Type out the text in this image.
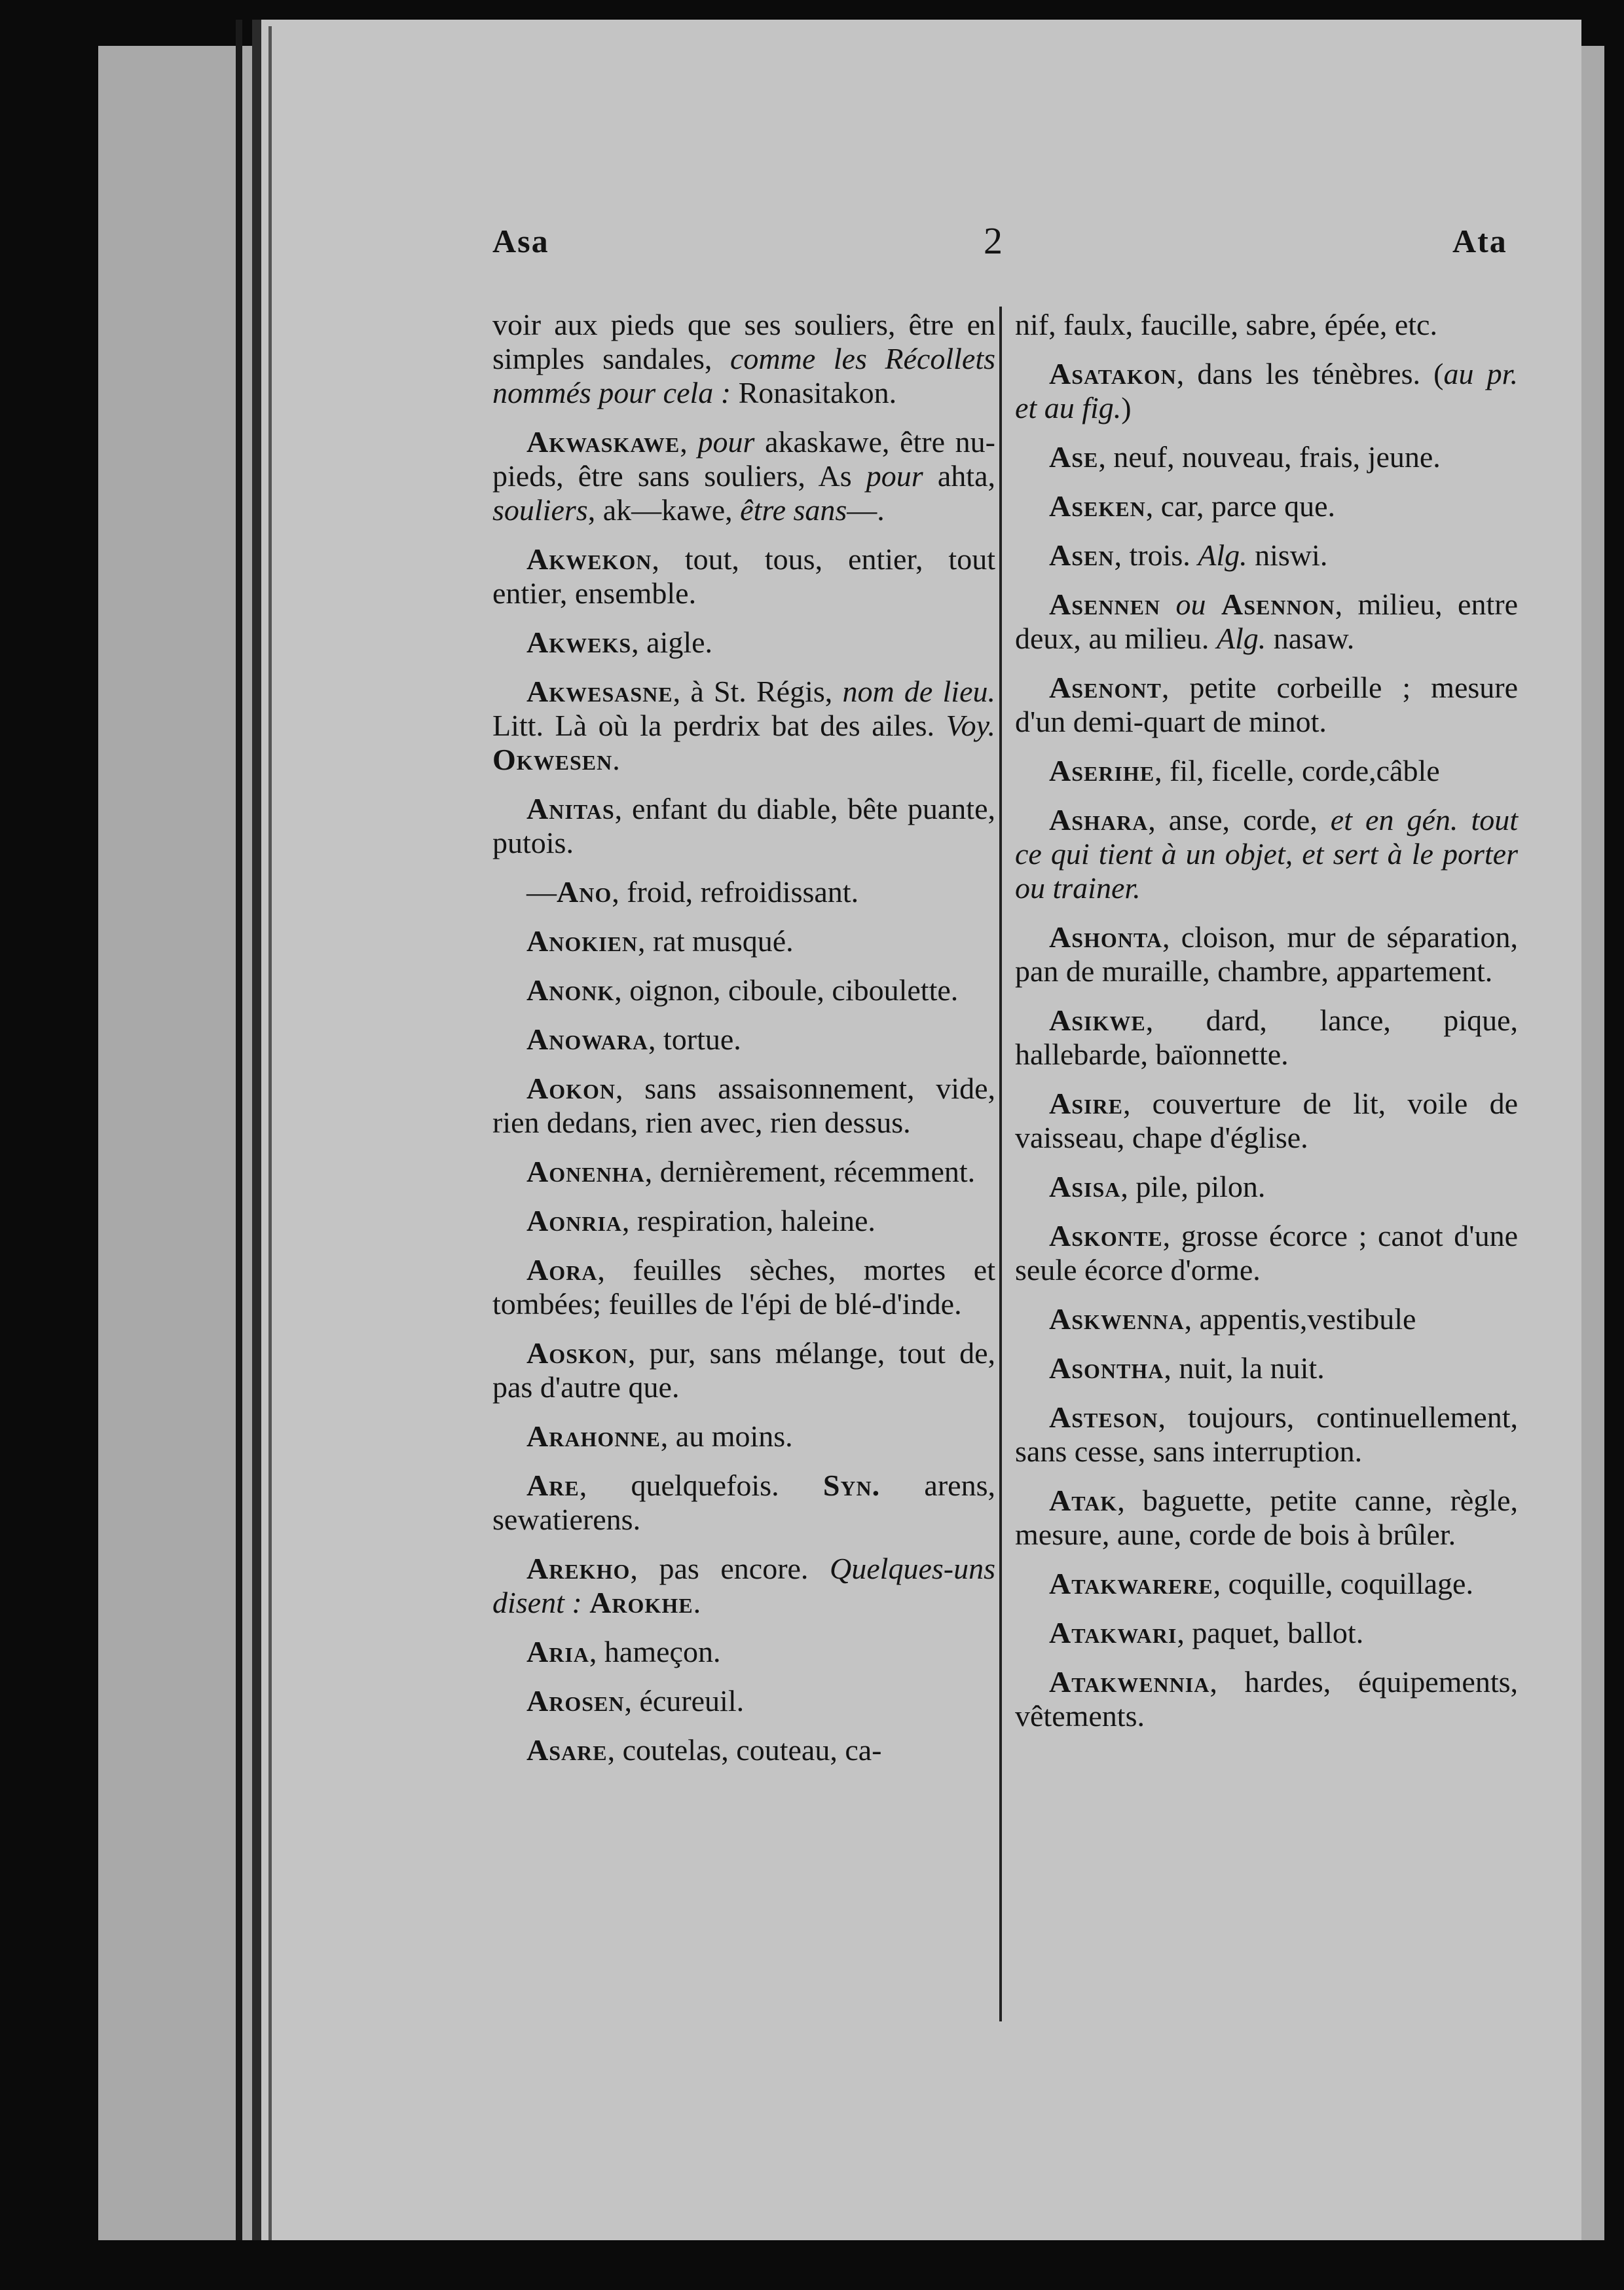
Asa	2	Ata

voir aux pieds que ses souliers, être en simples sandales, comme les Récollets nommés pour cela : Ronasitakon.

Akwaskawe, pour akaskawe, être nu-pieds, être sans souliers, As pour ahta, souliers, ak—kawe, être sans—.

Akwekon, tout, tous, entier, tout entier, ensemble.

Akweks, aigle.

Akwesasne, à St. Régis, nom de lieu. Litt. Là où la perdrix bat des ailes. Voy. Okwesen.

Anitas, enfant du diable, bête puante, putois.

—Ano, froid, refroidissant.

Anokien, rat musqué.

Anonk, oignon, ciboule, ciboulette.

Anowara, tortue.

Aokon, sans assaisonnement, vide, rien dedans, rien avec, rien dessus.

Aonenha, dernièrement, récemment.

Aonria, respiration, haleine.

Aora, feuilles sèches, mortes et tombées; feuilles de l'épi de blé-d'inde.

Aoskon, pur, sans mélange, tout de, pas d'autre que.

Arahonne, au moins.

Are, quelquefois. Syn. arens, sewatierens.

Arekho, pas encore. Quelques-uns disent : Arokhe.

Aria, hameçon.

Arosen, écureuil.

Asare, coutelas, couteau, ca-

nif, faulx, faucille, sabre, épée, etc.

Asatakon, dans les ténèbres. (au pr. et au fig.)

Ase, neuf, nouveau, frais, jeune.

Aseken, car, parce que.

Asen, trois. Alg. niswi.

Asennen ou Asennon, milieu, entre deux, au milieu. Alg. nasaw.

Asenont, petite corbeille ; mesure d'un demi-quart de minot.

Aserihe, fil, ficelle, corde,câble

Ashara, anse, corde, et en gén. tout ce qui tient à un objet, et sert à le porter ou trainer.

Ashonta, cloison, mur de séparation, pan de muraille, chambre, appartement.

Asikwe, dard, lance, pique, hallebarde, baïonnette.

Asire, couverture de lit, voile de vaisseau, chape d'église.

Asisa, pile, pilon.

Askonte, grosse écorce ; canot d'une seule écorce d'orme.

Askwenna, appentis,vestibule

Asontha, nuit, la nuit.

Asteson, toujours, continuellement, sans cesse, sans interruption.

Atak, baguette, petite canne, règle, mesure, aune, corde de bois à brûler.

Atakwarere, coquille, coquillage.

Atakwari, paquet, ballot.

Atakwennia, hardes, équipements, vêtements.
